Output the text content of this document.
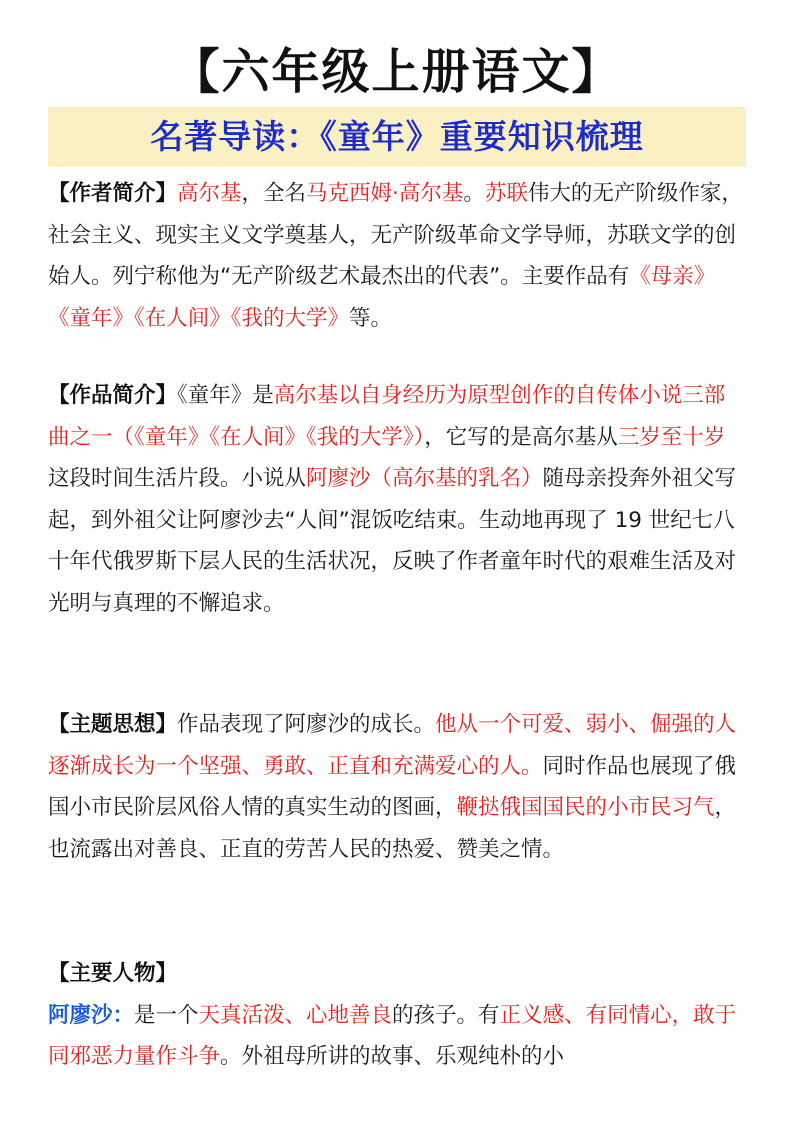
【六年级上册语文】
名著导读：《童年》重要知识梳理
【作者简介】高尔基，全名马克西姆·高尔基。苏联伟大的无产阶级作家，社会主义、现实主义文学奠基人，无产阶级革命文学导师，苏联文学的创始人。列宁称他为“无产阶级艺术最杰出的代表”。主要作品有《母亲》《童年》《在人间》《我的大学》等。
【作品简介】《童年》是高尔基以自身经历为原型创作的自传体小说三部曲之一（《童年》《在人间》《我的大学》），它写的是高尔基从三岁至十岁这段时间生活片段。小说从阿廖沙（高尔基的乳名）随母亲投奔外祖父写起，到外祖父让阿廖沙去“人间”混饭吃结束。生动地再现了 19 世纪七八十年代俄罗斯下层人民的生活状况，反映了作者童年时代的艰难生活及对光明与真理的不懈追求。
【主题思想】作品表现了阿廖沙的成长。他从一个可爱、弱小、倔强的人逐渐成长为一个坚强、勇敢、正直和充满爱心的人。同时作品也展现了俄国小市民阶层风俗人情的真实生动的图画，鞭挞俄国国民的小市民习气，也流露出对善良、正直的劳苦人民的热爱、赞美之情。
【主要人物】
阿廖沙：是一个天真活泼、心地善良的孩子。有正义感、有同情心，敢于同邪恶力量作斗争。外祖母所讲的故事、乐观纯朴的小
